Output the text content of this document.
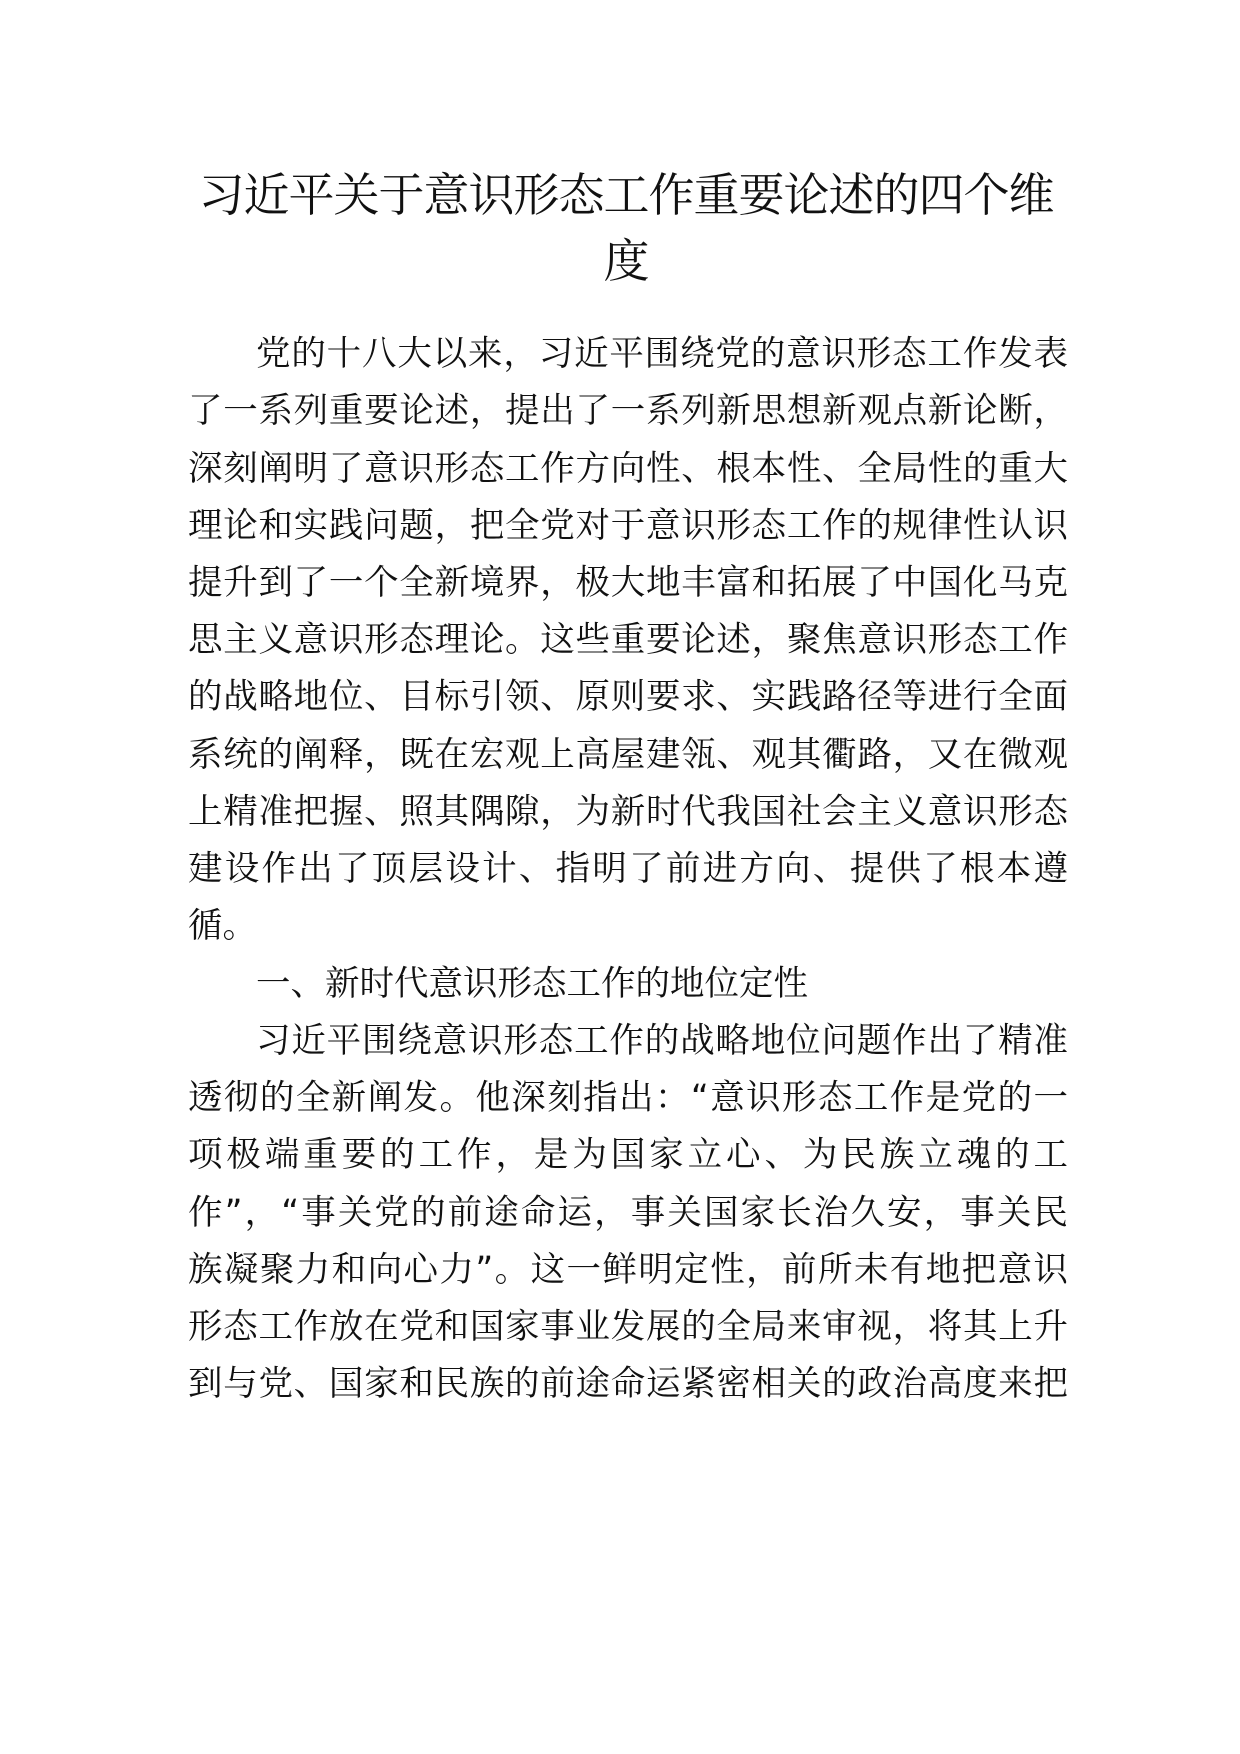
习近平关于意识形态工作重要论述的四个维度

党的十八大以来，习近平围绕党的意识形态工作发表

了一系列重要论述，提出了一系列新思想新观点新论断，

深刻阐明了意识形态工作方向性、根本性、全局性的重大

理论和实践问题，把全党对于意识形态工作的规律性认识

提升到了一个全新境界，极大地丰富和拓展了中国化马克

思主义意识形态理论。这些重要论述，聚焦意识形态工作

的战略地位、目标引领、原则要求、实践路径等进行全面

系统的阐释，既在宏观上高屋建瓴、观其衢路，又在微观

上精准把握、照其隅隙，为新时代我国社会主义意识形态

建设作出了顶层设计、指明了前进方向、提供了根本遵

循。

一、新时代意识形态工作的地位定性

习近平围绕意识形态工作的战略地位问题作出了精准

透彻的全新阐发。他深刻指出：“意识形态工作是党的一

项极端重要的工作，是为国家立心、为民族立魂的工

作”，“事关党的前途命运，事关国家长治久安，事关民

族凝聚力和向心力”。这一鲜明定性，前所未有地把意识

形态工作放在党和国家事业发展的全局来审视，将其上升

到与党、国家和民族的前途命运紧密相关的政治高度来把
